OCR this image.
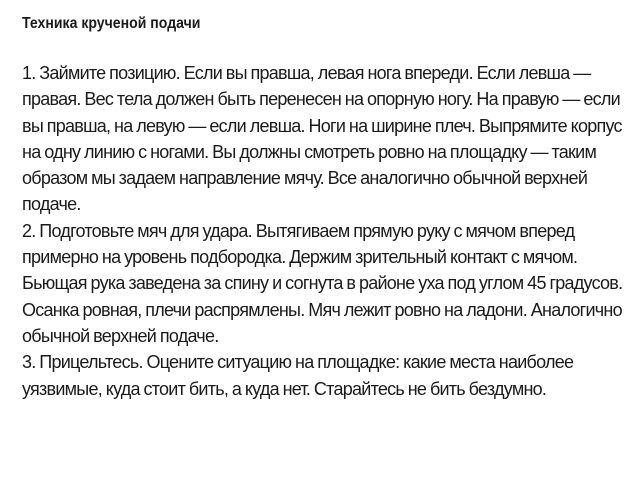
Техника крученой подачи

1. Займите позицию. Если вы правша, левая нога впереди. Если левша — правая. Вес тела должен быть перенесен на опорную ногу. На правую — если вы правша, на левую — если левша. Ноги на ширине плеч. Выпрямите корпус на одну линию с ногами. Вы должны смотреть ровно на площадку — таким образом мы задаем направление мячу. Все аналогично обычной верхней подаче.

2. Подготовьте мяч для удара. Вытягиваем прямую руку с мячом вперед примерно на уровень подбородка. Держим зрительный контакт с мячом. Бьющая рука заведена за спину и согнута в районе уха под углом 45 градусов. Осанка ровная, плечи распрямлены. Мяч лежит ровно на ладони. Аналогично обычной верхней подаче.

3. Прицельтесь. Оцените ситуацию на площадке: какие места наиболее уязвимые, куда стоит бить, а куда нет. Старайтесь не бить бездумно.
